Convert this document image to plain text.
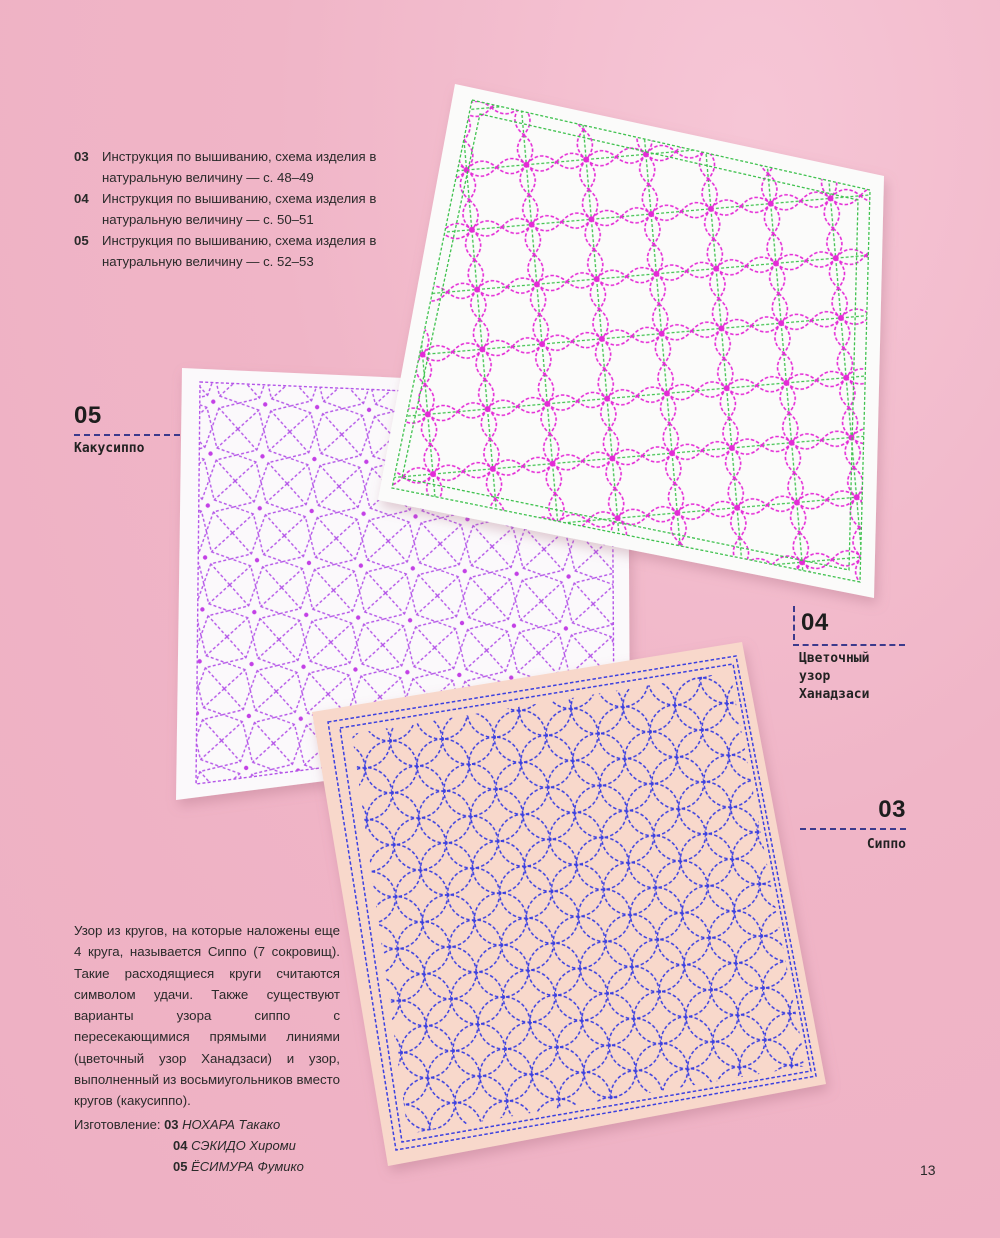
03	Инструкция по вышиванию, схема изделия в натуральную величину — с. 48–49
04	Инструкция по вышиванию, схема изделия в натуральную величину — с. 50–51
05	Инструкция по вышиванию, схема изделия в натуральную величину — с. 52–53
05
Какусиппо
04
Цветочный
узор
Ханадзаси
03
Сиппо
Узор из кругов, на которые наложены еще 4 круга, называется Сиппо (7 сокровищ). Такие расходящиеся круги считаются символом удачи. Также существуют варианты узора сиппо с пересекающимися прямыми линиями (цветочный узор Ханадзаси) и узор, выполненный из восьмиугольников вместо кругов (какусиппо).
Изготовление: 03 НОХАРА Такако
04 СЭКИДО Хироми
05 ЁСИМУРА Фумико	13
